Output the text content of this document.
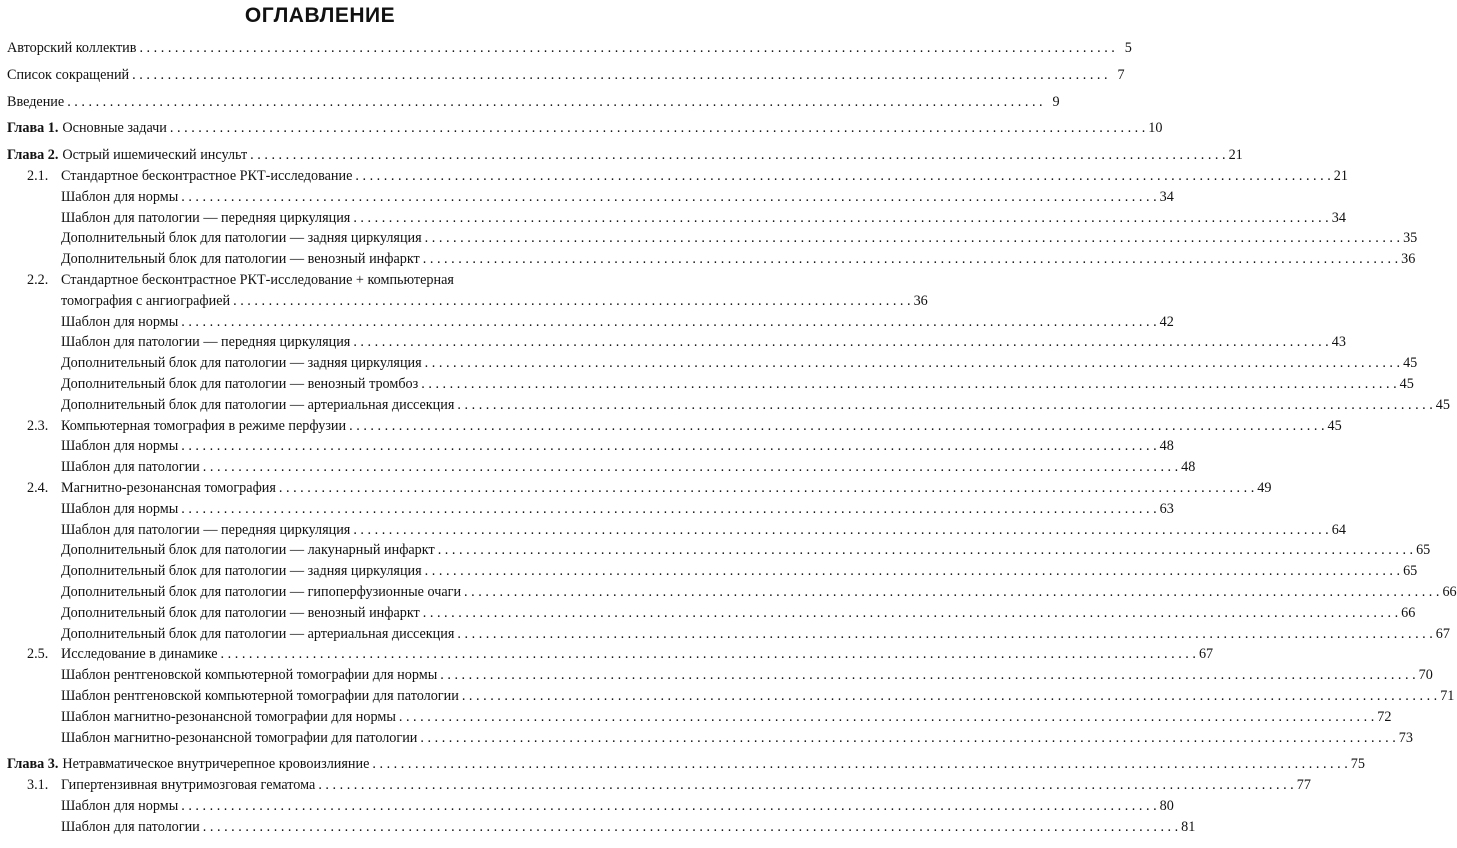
ОГЛАВЛЕНИЕ
Авторский коллектив . . .	5
Список сокращений . . .	7
Введение . . .	9
Глава 1. Основные задачи . . .	10
Глава 2. Острый ишемический инсульт . . .	21
2.1. Стандартное бесконтрастное РКТ-исследование . . .	21
Шаблон для нормы . . .	34
Шаблон для патологии — передняя циркуляция . . .	34
Дополнительный блок для патологии — задняя циркуляция . . .	35
Дополнительный блок для патологии — венозный инфаркт . . .	36
2.2. Стандартное бесконтрастное РКТ-исследование + компьютерная
томография с ангиографией . . .	36
Шаблон для нормы . . .	42
Шаблон для патологии — передняя циркуляция . . .	43
Дополнительный блок для патологии — задняя циркуляция . . .	45
Дополнительный блок для патологии — венозный тромбоз . . .	45
Дополнительный блок для патологии — артериальная диссекция . . .	45
2.3. Компьютерная томография в режиме перфузии . . .	45
Шаблон для нормы . . .	48
Шаблон для патологии . . .	48
2.4. Магнитно-резонансная томография . . .	49
Шаблон для нормы . . .	63
Шаблон для патологии — передняя циркуляция . . .	64
Дополнительный блок для патологии — лакунарный инфаркт . . .	65
Дополнительный блок для патологии — задняя циркуляция . . .	65
Дополнительный блок для патологии — гипоперфузионные очаги . . .	66
Дополнительный блок для патологии — венозный инфаркт . . .	66
Дополнительный блок для патологии — артериальная диссекция . . .	67
2.5. Исследование в динамике . . .	67
Шаблон рентгеновской компьютерной томографии для нормы . . .	70
Шаблон рентгеновской компьютерной томографии для патологии . . .	71
Шаблон магнитно-резонансной томографии для нормы . . .	72
Шаблон магнитно-резонансной томографии для патологии . . .	73
Глава 3. Нетравматическое внутричерепное кровоизлияние . . .	75
3.1. Гипертензивная внутримозговая гематома . . .	77
Шаблон для нормы . . .	80
Шаблон для патологии . . .	81
